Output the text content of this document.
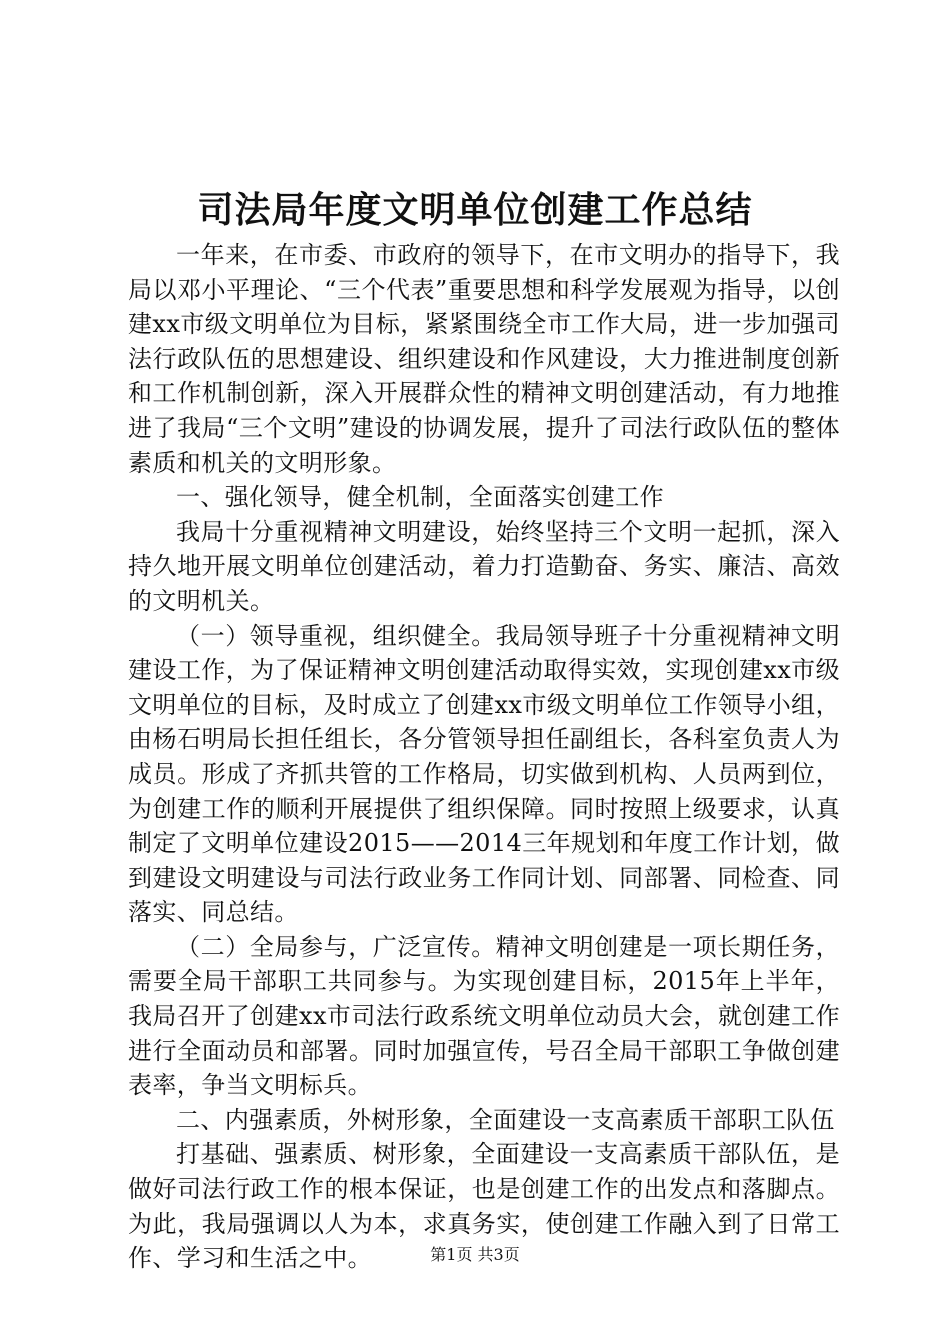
司法局年度文明单位创建工作总结

一年来，在市委、市政府的领导下，在市文明办的指导下，我局以邓小平理论、“三个代表”重要思想和科学发展观为指导，以创建xx市级文明单位为目标，紧紧围绕全市工作大局，进一步加强司法行政队伍的思想建设、组织建设和作风建设，大力推进制度创新和工作机制创新，深入开展群众性的精神文明创建活动，有力地推进了我局“三个文明”建设的协调发展，提升了司法行政队伍的整体素质和机关的文明形象。

一、强化领导，健全机制，全面落实创建工作

我局十分重视精神文明建设，始终坚持三个文明一起抓，深入持久地开展文明单位创建活动，着力打造勤奋、务实、廉洁、高效的文明机关。

（一）领导重视，组织健全。我局领导班子十分重视精神文明建设工作，为了保证精神文明创建活动取得实效，实现创建xx市级文明单位的目标，及时成立了创建xx市级文明单位工作领导小组，由杨石明局长担任组长，各分管领导担任副组长，各科室负责人为成员。形成了齐抓共管的工作格局，切实做到机构、人员两到位，为创建工作的顺利开展提供了组织保障。同时按照上级要求，认真制定了文明单位建设2015——2014三年规划和年度工作计划，做到建设文明建设与司法行政业务工作同计划、同部署、同检查、同落实、同总结。

（二）全局参与，广泛宣传。精神文明创建是一项长期任务，需要全局干部职工共同参与。为实现创建目标，2015年上半年，我局召开了创建xx市司法行政系统文明单位动员大会，就创建工作进行全面动员和部署。同时加强宣传，号召全局干部职工争做创建表率，争当文明标兵。

二、内强素质，外树形象，全面建设一支高素质干部职工队伍

打基础、强素质、树形象，全面建设一支高素质干部队伍，是做好司法行政工作的根本保证，也是创建工作的出发点和落脚点。为此，我局强调以人为本，求真务实，使创建工作融入到了日常工作、学习和生活之中。	第1页 共3页
